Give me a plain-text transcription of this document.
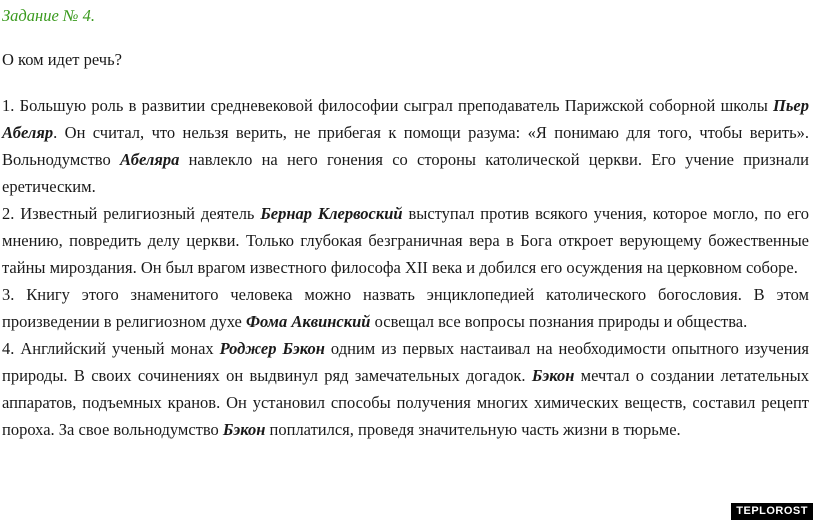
Задание № 4.
О ком идет речь?

1. Большую роль в развитии средневековой философии сыграл преподаватель Парижской соборной школы Пьер Абеляр. Он считал, что нельзя верить, не прибегая к помощи разума: «Я понимаю для того, чтобы верить». Вольнодумство Абеляра навлекло на него гонения со стороны католической церкви. Его учение признали еретическим.

2. Известный религиозный деятель Бернар Клервоский выступал против всякого учения, которое могло, по его мнению, повредить делу церкви. Только глубокая безграничная вера в Бога откроет верующему божественные тайны мироздания. Он был врагом известного философа XII века и добился его осуждения на церковном соборе.

3. Книгу этого знаменитого человека можно назвать энциклопедией католического богословия. В этом произведении в религиозном духе Фома Аквинский освещал все вопросы познания природы и общества.

4. Английский ученый монах Роджер Бэкон одним из первых настаивал на необходимости опытного изучения природы. В своих сочинениях он выдвинул ряд замечательных догадок. Бэкон мечтал о создании летательных аппаратов, подъемных кранов. Он установил способы получения многих химических веществ, составил рецепт пороха. За свое вольнодумство Бэкон поплатился, проведя значительную часть жизни в тюрьме.

TEPLOROST
